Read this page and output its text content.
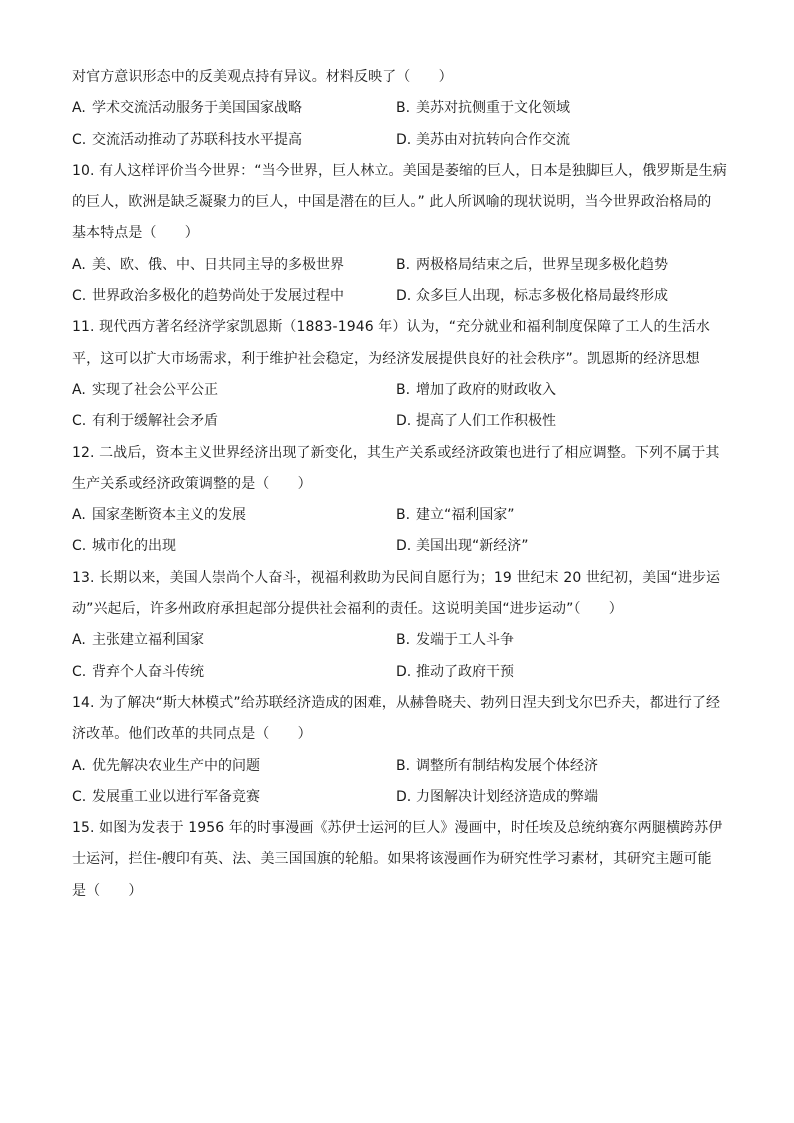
对官方意识形态中的反美观点持有异议。材料反映了（　　）
A. 学术交流活动服务于美国国家战略	B. 美苏对抗侧重于文化领域
C. 交流活动推动了苏联科技水平提高	D. 美苏由对抗转向合作交流
10. 有人这样评价当今世界：“当今世界，巨人林立。美国是萎缩的巨人，日本是独脚巨人，俄罗斯是生病
的巨人，欧洲是缺乏凝聚力的巨人，中国是潜在的巨人。” 此人所讽喻的现状说明，当今世界政治格局的
基本特点是（　　）
A. 美、欧、俄、中、日共同主导的多极世界	B. 两极格局结束之后，世界呈现多极化趋势
C. 世界政治多极化的趋势尚处于发展过程中	D. 众多巨人出现，标志多极化格局最终形成
11. 现代西方著名经济学家凯恩斯（1883-1946 年）认为，“充分就业和福利制度保障了工人的生活水
平，这可以扩大市场需求，利于维护社会稳定，为经济发展提供良好的社会秩序”。凯恩斯的经济思想
A. 实现了社会公平公正	B. 增加了政府的财政收入
C. 有利于缓解社会矛盾	D. 提高了人们工作积极性
12. 二战后，资本主义世界经济出现了新变化，其生产关系或经济政策也进行了相应调整。下列不属于其
生产关系或经济政策调整的是（　　）
A. 国家垄断资本主义的发展	B. 建立“福利国家”
C. 城市化的出现	D. 美国出现“新经济”
13. 长期以来，美国人崇尚个人奋斗，视福利救助为民间自愿行为；19 世纪末 20 世纪初，美国“进步运
动”兴起后，许多州政府承担起部分提供社会福利的责任。这说明美国“进步运动”（　　）
A. 主张建立福利国家	B. 发端于工人斗争
C. 背弃个人奋斗传统	D. 推动了政府干预
14. 为了解决“斯大林模式”给苏联经济造成的困难，从赫鲁晓夫、勃列日涅夫到戈尔巴乔夫，都进行了经
济改革。他们改革的共同点是（　　）
A. 优先解决农业生产中的问题	B. 调整所有制结构发展个体经济
C. 发展重工业以进行军备竞赛	D. 力图解决计划经济造成的弊端
15. 如图为发表于 1956 年的时事漫画《苏伊士运河的巨人》漫画中，时任埃及总统纳赛尔两腿横跨苏伊
士运河，拦住-艘印有英、法、美三国国旗的轮船。如果将该漫画作为研究性学习素材，其研究主题可能
是（　　）
